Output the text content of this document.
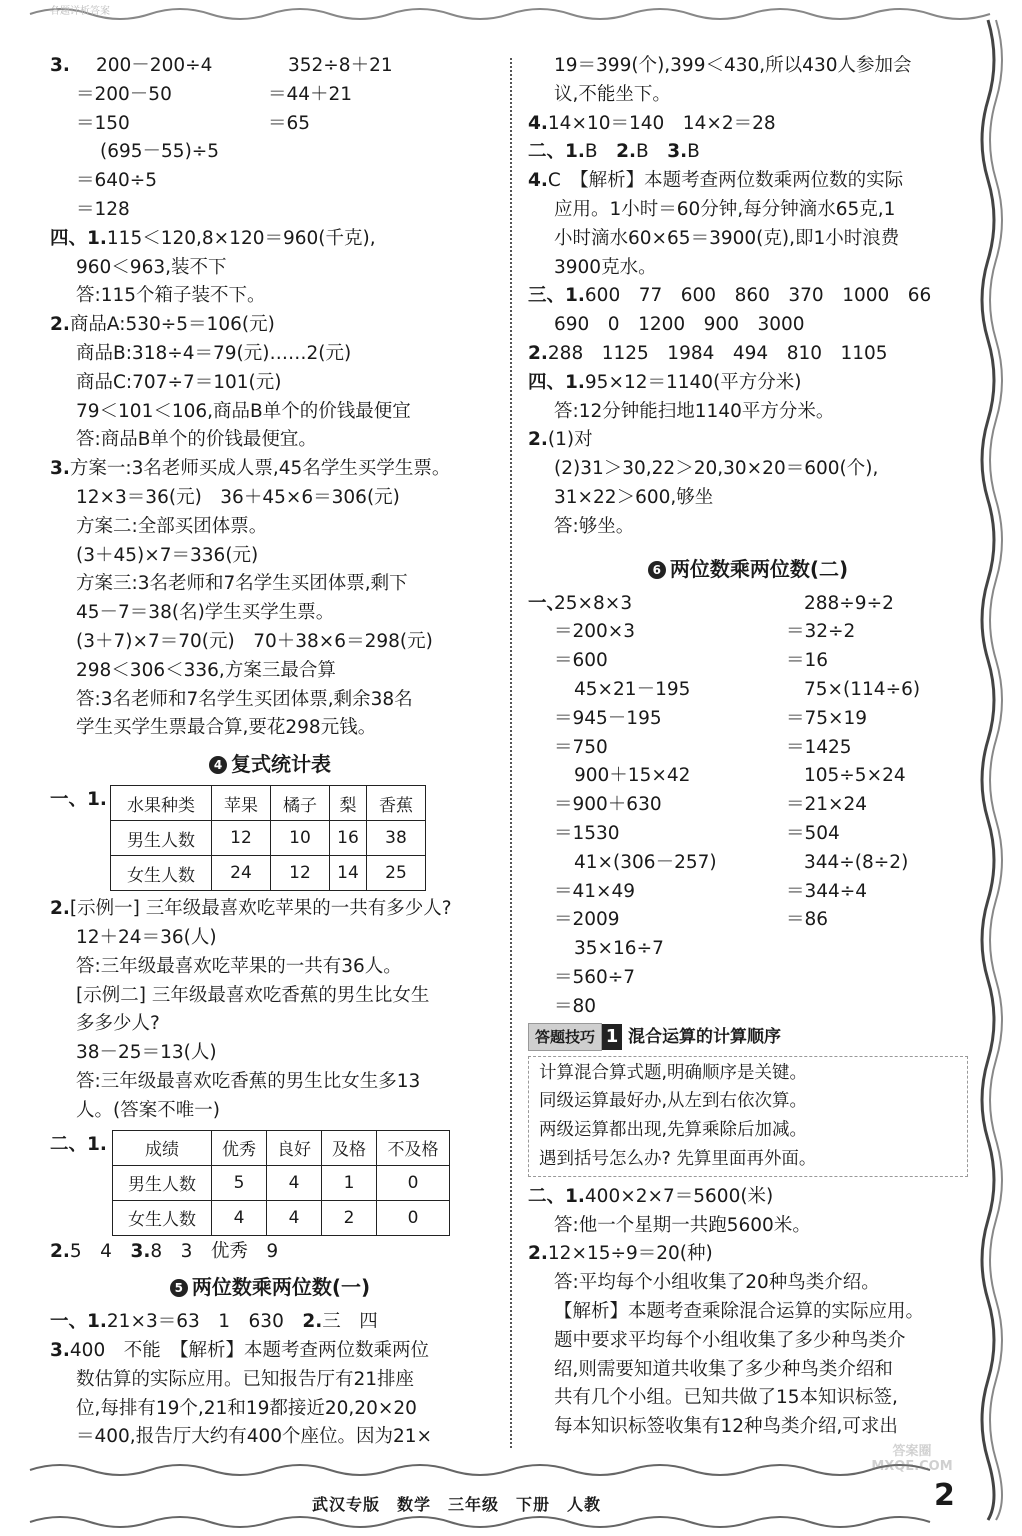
各题详析答案
3. 200－200÷4	352÷8＋21
＝200－50	＝44＋21
＝150	＝65
(695－55)÷5
＝640÷5
＝128
四、1.115＜120,8×120＝960(千克),
960＜963,装不下
答:115个箱子装不下。
2.商品A:530÷5＝106(元)
商品B:318÷4＝79(元)……2(元)
商品C:707÷7＝101(元)
79＜101＜106,商品B单个的价钱最便宜
答:商品B单个的价钱最便宜。
3.方案一:3名老师买成人票,45名学生买学生票。
12×3＝36(元)　36＋45×6＝306(元)
方案二:全部买团体票。
(3＋45)×7＝336(元)
方案三:3名老师和7名学生买团体票,剩下
45－7＝38(名)学生买学生票。
(3＋7)×7＝70(元)　70＋38×6＝298(元)
298＜306＜336,方案三最合算
答:3名老师和7名学生买团体票,剩余38名
学生买学生票最合算,要花298元钱。
4 复式统计表
一、1. 水果种类	苹果	橘子	梨	香蕉
男生人数	12	10	16	38
女生人数	24	12	14	25
2.[示例一] 三年级最喜欢吃苹果的一共有多少人?
12＋24＝36(人)
答:三年级最喜欢吃苹果的一共有36人。
[示例二] 三年级最喜欢吃香蕉的男生比女生
多多少人?
38－25＝13(人)
答:三年级最喜欢吃香蕉的男生比女生多13
人。(答案不唯一)
二、1. 成绩	优秀	良好	及格	不及格
男生人数	5	4	1	0
女生人数	4	4	2	0
2.5　4　3.8　3　优秀　9
5 两位数乘两位数(一)
一、1.21×3＝63　1　630　2.三　四
3.400　不能　【解析】本题考查两位数乘两位
数估算的实际应用。已知报告厅有21排座
位,每排有19个,21和19都接近20,20×20
＝400,报告厅大约有400个座位。因为21×
19＝399(个),399＜430,所以430人参加会
议,不能坐下。
4.14×10＝140　14×2＝28
二、1.B　2.B　3.B
4.C　【解析】本题考查两位数乘两位数的实际
应用。1小时＝60分钟,每分钟滴水65克,1
小时滴水60×65＝3900(克),即1小时浪费
3900克水。
三、1.600　77　600　860　370　1000　66
690　0　1200　900　3000
2.288　1125　1984　494　810　1105
四、1.95×12＝1140(平方分米)
答:12分钟能扫地1140平方分米。
2.(1)对
(2)31＞30,22＞20,30×20＝600(个),
31×22＞600,够坐
答:够坐。
6 两位数乘两位数(二)
一、
25×8×3
＝200×3
＝600
45×21－195
＝945－195
＝750
900＋15×42
＝900＋630
＝1530
41×(306－257)
＝41×49
＝2009
35×16÷7
＝560÷7
＝80
288÷9÷2
＝32÷2
＝16
75×(114÷6)
＝75×19
＝1425
105÷5×24
＝21×24
＝504
344÷(8÷2)
＝344÷4
＝86
答题技巧 1 混合运算的计算顺序
计算混合算式题,明确顺序是关键。
同级运算最好办,从左到右依次算。
两级运算都出现,先算乘除后加减。
遇到括号怎么办? 先算里面再外面。
二、1.400×2×7＝5600(米)
答:他一个星期一共跑5600米。
2.12×15÷9＝20(种)
答:平均每个小组收集了20种鸟类介绍。
【解析】本题考查乘除混合运算的实际应用。
题中要求平均每个小组收集了多少种鸟类介
绍,则需要知道共收集了多少种鸟类介绍和
共有几个小组。已知共做了15本知识标签,
每本知识标签收集有12种鸟类介绍,可求出
武汉专版　数学　三年级　下册　人教	2
答案圈 MXQE.COM
